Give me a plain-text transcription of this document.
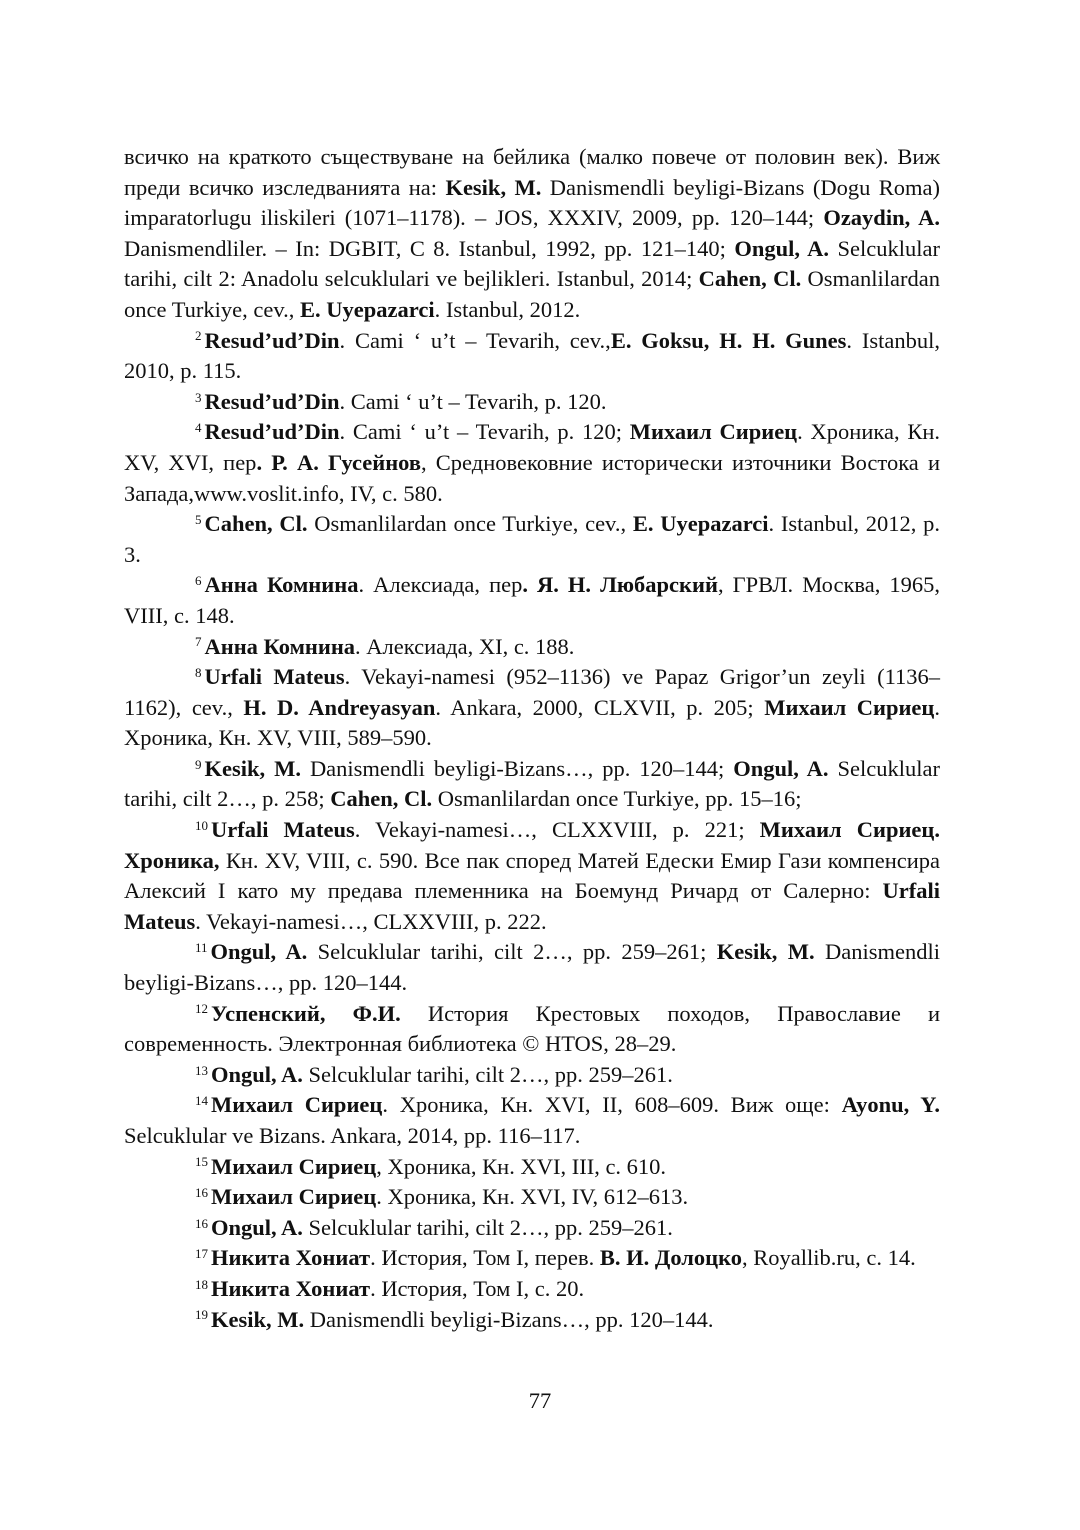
всичко на краткото съществуване на бейлика (малко повече от половин век). Виж преди всичко изследванията на: Kesik, M. Danismendli beyligi-Bizans (Dogu Roma) imparatorlugu iliskileri (1071–1178). – JOS, XXXIV, 2009, pp. 120–144; Ozaydin, A. Danismendliler. – In: DGBIT, C 8. Istanbul, 1992, pp. 121–140; Ongul, A. Selcuklular tarihi, cilt 2: Anadolu selcuklulari ve bejlikleri. Istanbul, 2014; Cahen, Cl. Osmanlilardan once Turkiye, cev., E. Uyepazarci. Istanbul, 2012.

$^2$ Resud’ud’Din. Cami ‘ u’t – Tevarih, cev.,E. Goksu, H. H. Gunes. Istanbul, 2010, p. 115.

$^3$ Resud’ud’Din. Cami ‘ u’t – Tevarih, p. 120.

$^4$ Resud’ud’Din. Cami ‘ u’t – Tevarih, p. 120; Михаил Сириец. Хроника, Кн. XV, XVI, пер. Р. А. Гусейнов, Средновековние исторически източники Востока и Запада,www.voslit.info, IV, с. 580.

$^5$ Cahen, Cl. Osmanlilardan once Turkiye, cev., E. Uyepazarci. Istanbul, 2012, p. 3.

$^6$ Анна Комнина. Алексиада, пер. Я. Н. Любарский, ГРВЛ. Москва, 1965, VIII, с. 148.

$^7$ Анна Комнина. Алексиада, XI, с. 188.

$^8$ Urfali Mateus. Vekayi-namesi (952–1136) ve Papaz Grigor’un zeyli (1136–1162), cev., H. D. Andreyasyan. Ankara, 2000, CLXVII, p. 205; Михаил Сириец. Хроника, Кн. XV, VIII, 589–590.

$^9$ Kesik, M. Danismendli beyligi-Bizans…, pp. 120–144; Ongul, A. Selcuklular tarihi, cilt 2…, p. 258; Cahen, Cl. Osmanlilardan once Turkiye, pp. 15–16;

$^{10}$ Urfali Mateus. Vekayi-namesi…, CLXXVIII, p. 221; Михаил Сириец. Хроника, Кн. XV, VIII, с. 590. Все пак според Матей Едески Емир Гази компенсира Алексий I като му предава племенника на Боемунд Ричард от Салерно: Urfali Mateus. Vekayi-namesi…, CLXXVIII, p. 222.

$^{11}$ Ongul, A. Selcuklular tarihi, cilt 2…, pp. 259–261; Kesik, M. Danismendli beyligi-Bizans…, pp. 120–144.

$^{12}$ Успенский, Ф.И. История Крестовых походов, Православие и современность. Электронная библиотека © HTOS, 28–29.

$^{13}$ Ongul, A. Selcuklular tarihi, cilt 2…, pp. 259–261.

$^{14}$ Михаил Сириец. Хроника, Кн. XVI, II, 608–609. Виж още: Ayonu, Y. Selcuklular ve Bizans. Ankara, 2014, pp. 116–117.

$^{15}$ Михаил Сириец, Хроника, Кн. XVI, III, с. 610.

$^{16}$ Михаил Сириец. Хроника, Кн. XVI, IV, 612–613.

$^{16}$ Ongul, A. Selcuklular tarihi, cilt 2…, pp. 259–261.

$^{17}$ Никита Хониат. История, Том I, перев. В. И. Долоцко, Royallib.ru, с. 14.

$^{18}$ Никита Хониат. История, Том I, с. 20.

$^{19}$ Kesik, M. Danismendli beyligi-Bizans…, pp. 120–144.

77
